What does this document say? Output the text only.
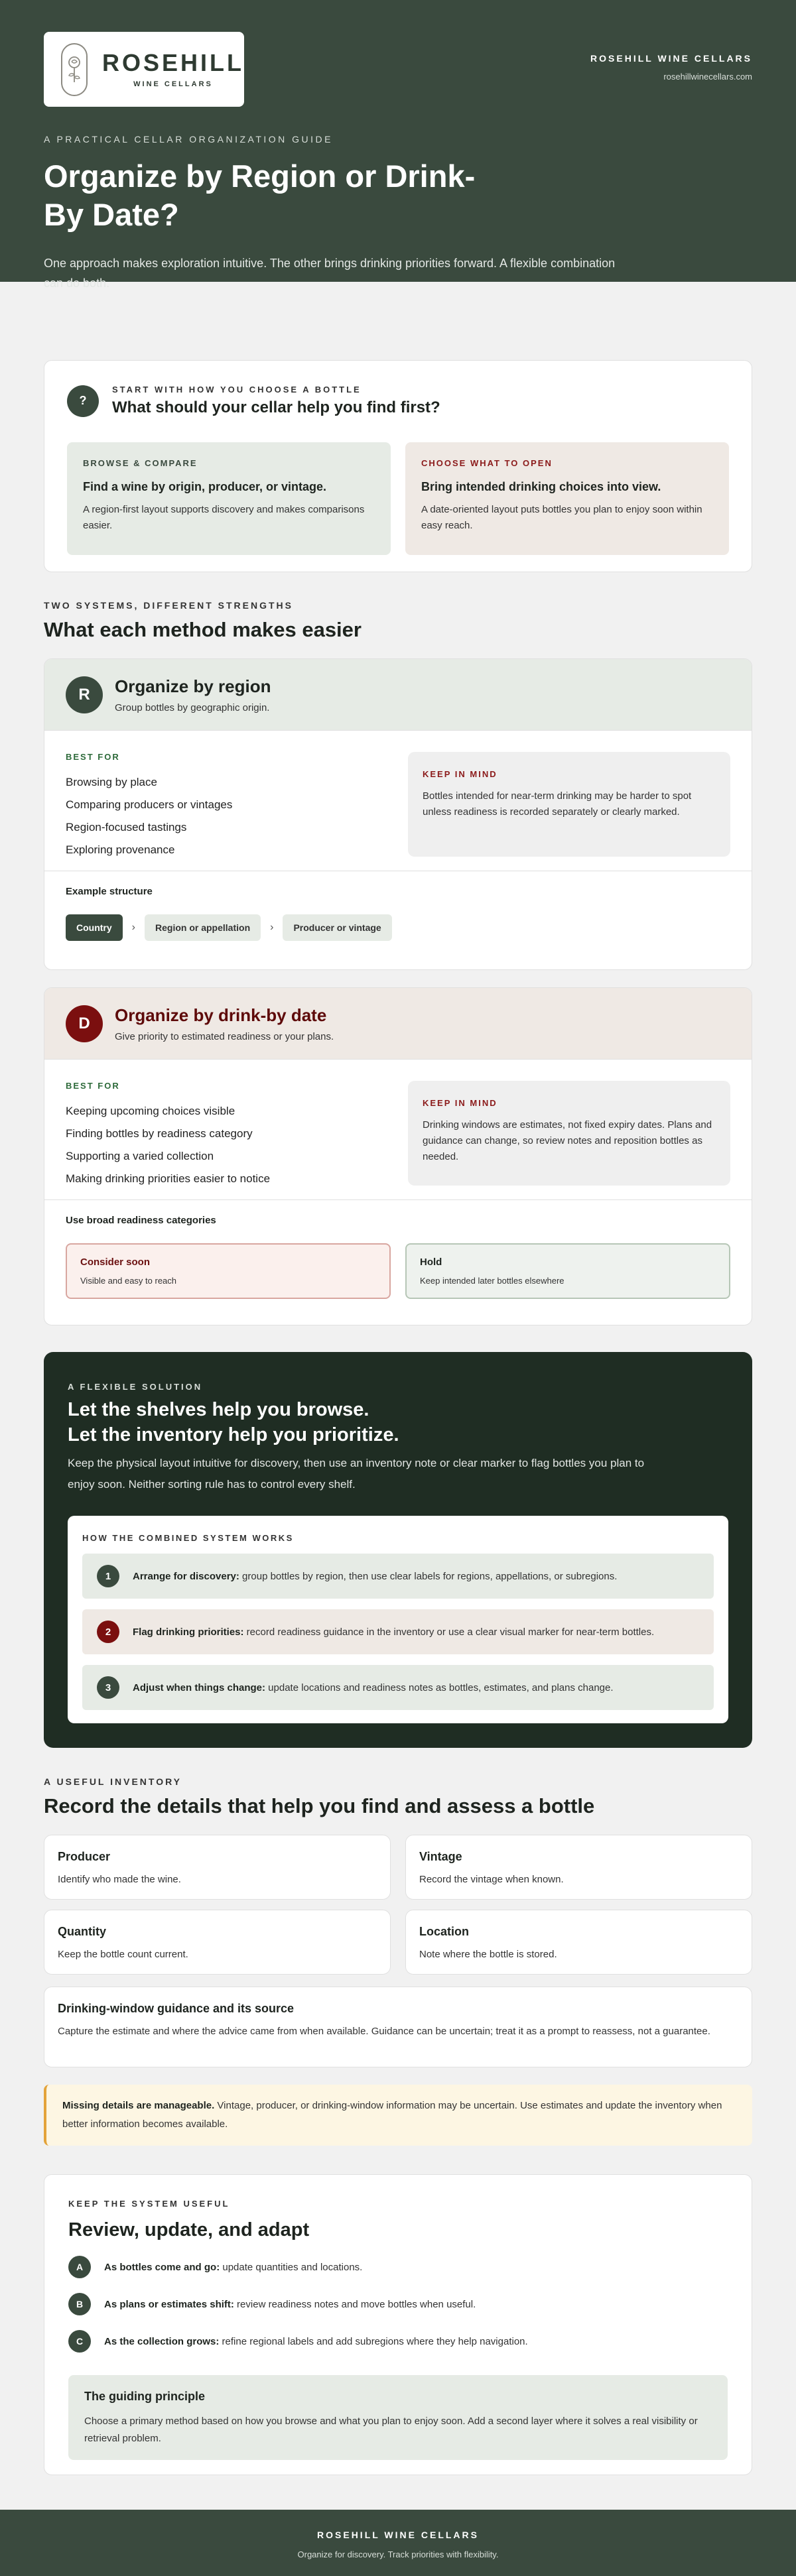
ROSEHILL
WINE CELLARS
ROSEHILL WINE CELLARS
rosehillwinecellars.com
A PRACTICAL CELLAR ORGANIZATION GUIDE
Organize by Region or Drink-By Date?

One approach makes exploration intuitive. The other brings drinking priorities forward. A flexible combination can do both.

?
START WITH HOW YOU CHOOSE A BOTTLE
What should your cellar help you find first?
BROWSE & COMPARE
Find a wine by origin, producer, or vintage.
A region-first layout supports discovery and makes comparisons easier.
CHOOSE WHAT TO OPEN
Bring intended drinking choices into view.
A date-oriented layout puts bottles you plan to enjoy soon within easy reach.
TWO SYSTEMS, DIFFERENT STRENGTHS
What each method makes easier
R	Organize by region
Group bottles by geographic origin.
BEST FOR
Browsing by place
Comparing producers or vintages
Region-focused tastings
Exploring provenance
KEEP IN MIND
Bottles intended for near-term drinking may be harder to spot unless readiness is recorded separately or clearly marked.
Example structure
Country	›	Region or appellation	›	Producer or vintage
D	Organize by drink-by date
Give priority to estimated readiness or your plans.
BEST FOR
Keeping upcoming choices visible
Finding bottles by readiness category
Supporting a varied collection
Making drinking priorities easier to notice
KEEP IN MIND
Drinking windows are estimates, not fixed expiry dates. Plans and guidance can change, so review notes and reposition bottles as needed.
Use broad readiness categories
Consider soon
Visible and easy to reach
Hold
Keep intended later bottles elsewhere
A FLEXIBLE SOLUTION
Let the shelves help you browse.
Let the inventory help you prioritize.

Keep the physical layout intuitive for discovery, then use an inventory note or clear marker to flag bottles you plan to enjoy soon. Neither sorting rule has to control every shelf.

HOW THE COMBINED SYSTEM WORKS
1	Arrange for discovery: group bottles by region, then use clear labels for regions, appellations, or subregions.
2	Flag drinking priorities: record readiness guidance in the inventory or use a clear visual marker for near-term bottles.
3	Adjust when things change: update locations and readiness notes as bottles, estimates, and plans change.
A USEFUL INVENTORY
Record the details that help you find and assess a bottle
Producer
Identify who made the wine.
Vintage
Record the vintage when known.
Quantity
Keep the bottle count current.
Location
Note where the bottle is stored.
Drinking-window guidance and its source
Capture the estimate and where the advice came from when available. Guidance can be uncertain; treat it as a prompt to reassess, not a guarantee.
Missing details are manageable. Vintage, producer, or drinking-window information may be uncertain. Use estimates and update the inventory when better information becomes available.
KEEP THE SYSTEM USEFUL
Review, update, and adapt
A	As bottles come and go: update quantities and locations.
B	As plans or estimates shift: review readiness notes and move bottles when useful.
C	As the collection grows: refine regional labels and add subregions where they help navigation.
The guiding principle
Choose a primary method based on how you browse and what you plan to enjoy soon. Add a second layer where it solves a real visibility or retrieval problem.
ROSEHILL WINE CELLARS
Organize for discovery. Track priorities with flexibility.
